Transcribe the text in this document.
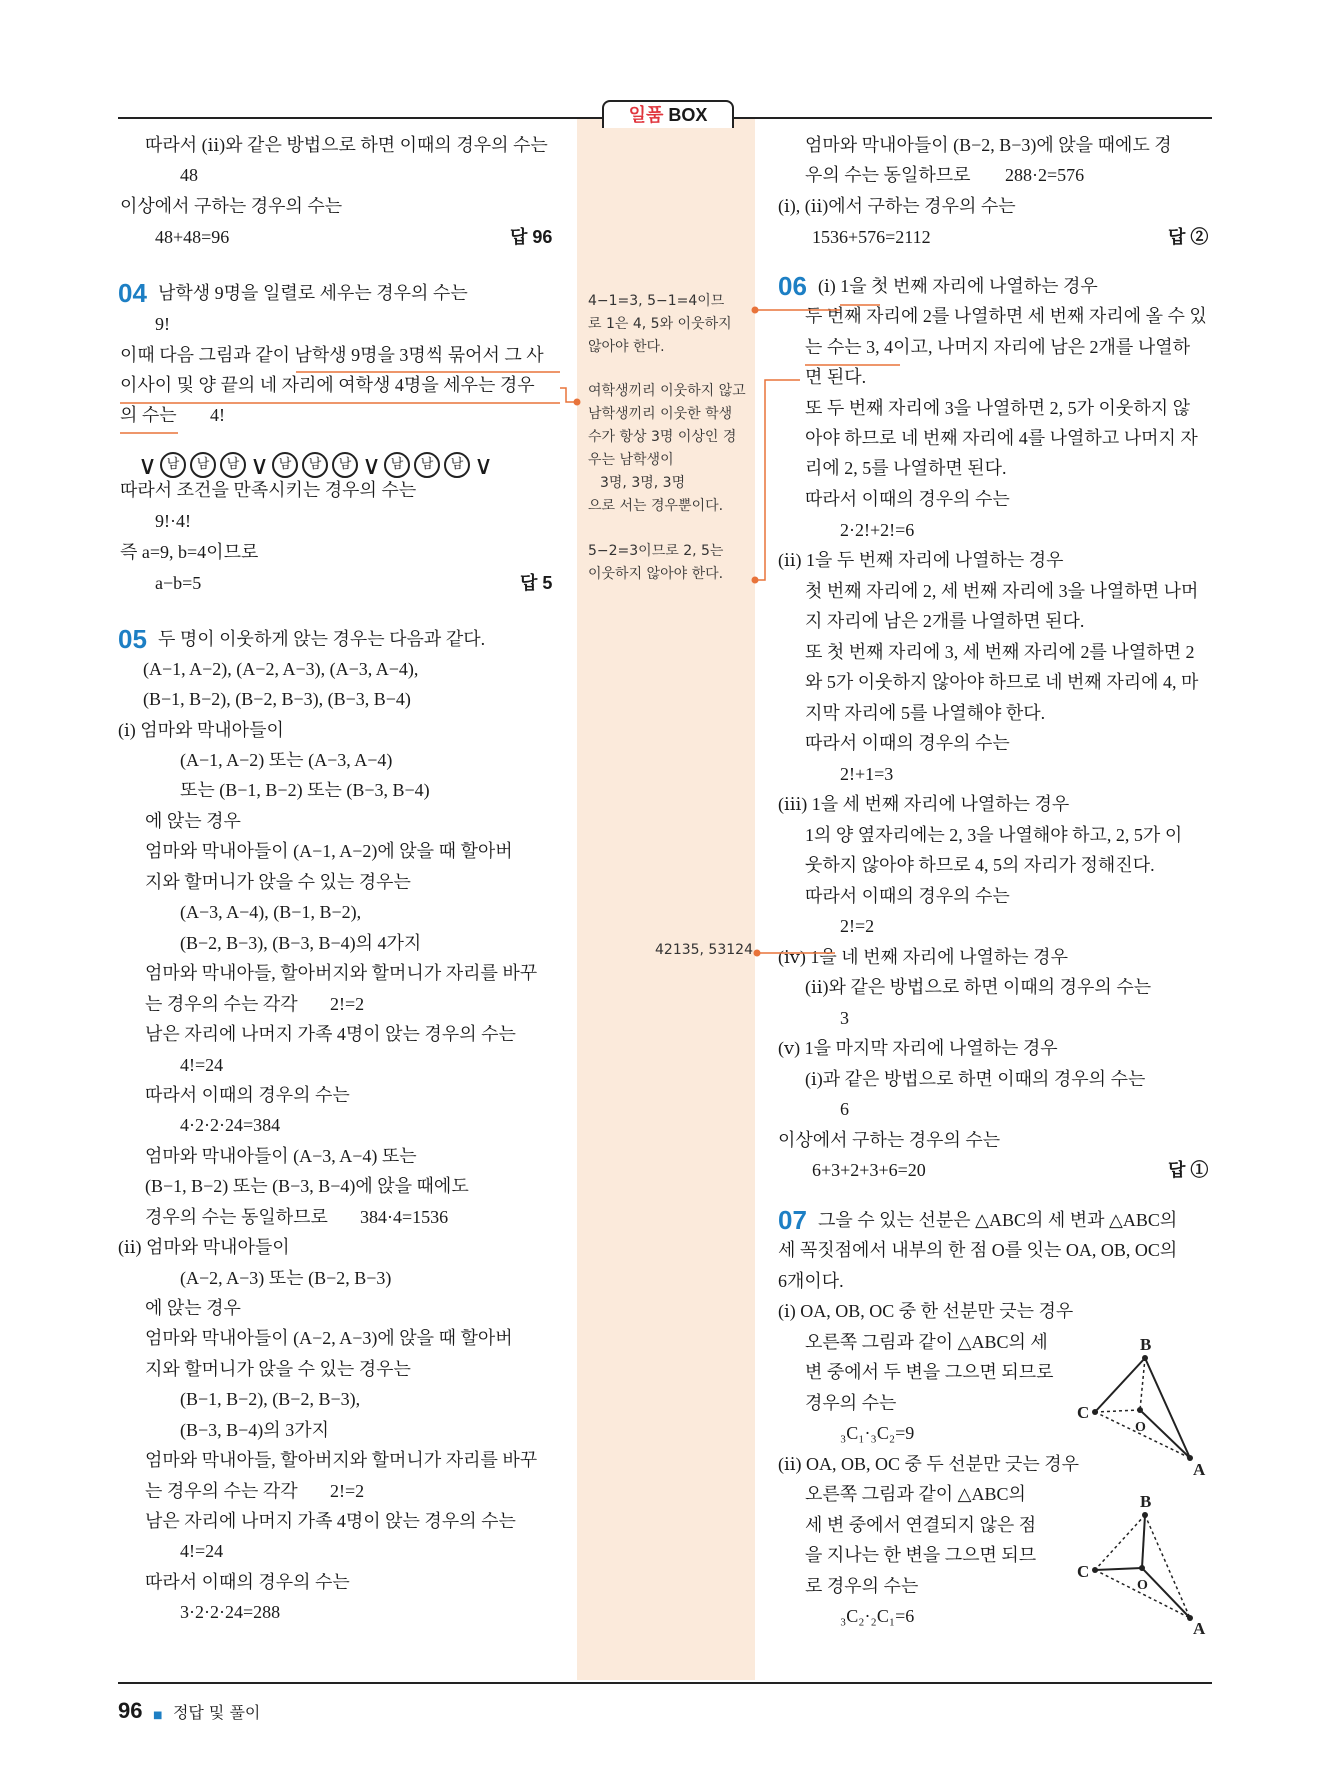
일품 BOX
따라서 (ⅱ)와 같은 방법으로 하면 이때의 경우의 수는
48
이상에서 구하는 경우의 수는
48+48=96
남학생 9명을 일렬로 세우는 경우의 수는
9!
이때 다음 그림과 같이 남학생 9명을 3명씩 묶어서 그 사
이사이 및 양 끝의 네 자리에 여학생 4명을 세우는 경우
의 수는 4!
따라서 조건을 만족시키는 경우의 수는
9!·4!
즉 a=9, b=4이므로
a−b=5
두 명이 이웃하게 앉는 경우는 다음과 같다.
(A−1, A−2), (A−2, A−3), (A−3, A−4),
(B−1, B−2), (B−2, B−3), (B−3, B−4)
(ⅰ) 엄마와 막내아들이
(A−1, A−2) 또는 (A−3, A−4)
또는 (B−1, B−2) 또는 (B−3, B−4)
에 앉는 경우
엄마와 막내아들이 (A−1, A−2)에 앉을 때 할아버
지와 할머니가 앉을 수 있는 경우는
(A−3, A−4), (B−1, B−2),
(B−2, B−3), (B−3, B−4)의 4가지
엄마와 막내아들, 할아버지와 할머니가 자리를 바꾸
는 경우의 수는 각각 2!=2
남은 자리에 나머지 가족 4명이 앉는 경우의 수는
4!=24
따라서 이때의 경우의 수는
4·2·2·24=384
엄마와 막내아들이 (A−3, A−4) 또는
(B−1, B−2) 또는 (B−3, B−4)에 앉을 때에도
경우의 수는 동일하므로 384·4=1536
(ⅱ) 엄마와 막내아들이
(A−2, A−3) 또는 (B−2, B−3)
에 앉는 경우
엄마와 막내아들이 (A−2, A−3)에 앉을 때 할아버
지와 할머니가 앉을 수 있는 경우는
(B−1, B−2), (B−2, B−3),
(B−3, B−4)의 3가지
엄마와 막내아들, 할아버지와 할머니가 자리를 바꾸
는 경우의 수는 각각 2!=2
남은 자리에 나머지 가족 4명이 앉는 경우의 수는
4!=24
따라서 이때의 경우의 수는
3·2·2·24=288
엄마와 막내아들이 (B−2, B−3)에 앉을 때에도 경
우의 수는 동일하므로 288·2=576
(ⅰ), (ⅱ)에서 구하는 경우의 수는
1536+576=2112
(ⅰ) 1을 첫 번째 자리에 나열하는 경우
두 번째 자리에 2를 나열하면 세 번째 자리에 올 수 있
는 수는 3, 4이고, 나머지 자리에 남은 2개를 나열하
면 된다.
또 두 번째 자리에 3을 나열하면 2, 5가 이웃하지 않
아야 하므로 네 번째 자리에 4를 나열하고 나머지 자
리에 2, 5를 나열하면 된다.
따라서 이때의 경우의 수는
2·2!+2!=6
(ⅱ) 1을 두 번째 자리에 나열하는 경우
첫 번째 자리에 2, 세 번째 자리에 3을 나열하면 나머
지 자리에 남은 2개를 나열하면 된다.
또 첫 번째 자리에 3, 세 번째 자리에 2를 나열하면 2
와 5가 이웃하지 않아야 하므로 네 번째 자리에 4, 마
지막 자리에 5를 나열해야 한다.
따라서 이때의 경우의 수는
2!+1=3
(ⅲ) 1을 세 번째 자리에 나열하는 경우
1의 양 옆자리에는 2, 3을 나열해야 하고, 2, 5가 이
웃하지 않아야 하므로 4, 5의 자리가 정해진다.
따라서 이때의 경우의 수는
2!=2
(ⅳ) 1을 네 번째 자리에 나열하는 경우
(ⅱ)와 같은 방법으로 하면 이때의 경우의 수는
3
(ⅴ) 1을 마지막 자리에 나열하는 경우
(ⅰ)과 같은 방법으로 하면 이때의 경우의 수는
6
이상에서 구하는 경우의 수는
6+3+2+3+6=20
그을 수 있는 선분은 △ABC의 세 변과 △ABC의
세 꼭짓점에서 내부의 한 점 O를 잇는 OA, OB, OC의
6개이다.
(ⅰ) OA, OB, OC 중 한 선분만 긋는 경우
오른쪽 그림과 같이 △ABC의 세
변 중에서 두 변을 그으면 되므로
경우의 수는
₃C₁·₃C₂=9
(ⅱ) OA, OB, OC 중 두 선분만 긋는 경우
오른쪽 그림과 같이 △ABC의
세 변 중에서 연결되지 않은 점
을 지나는 한 변을 그으면 되므
로 경우의 수는
₃C₂·₂C₁=6
04
05
06
07
답 96
답 5
답 ②
답 ①
4−1=3, 5−1=4이므
로 1은 4, 5와 이웃하지
않아야 한다.
여학생끼리 이웃하지 않고
남학생끼리 이웃한 학생
수가 항상 3명 이상인 경
우는 남학생이
3명, 3명, 3명
으로 서는 경우뿐이다.
5−2=3이므로 2, 5는
이웃하지 않아야 한다.
42135, 53124
∨ 남	남	남 ∨ 남	남	남 ∨ 남	남	남 ∨
B
C
A
O
B
C
A
O
96 ■ 정답 및 풀이
